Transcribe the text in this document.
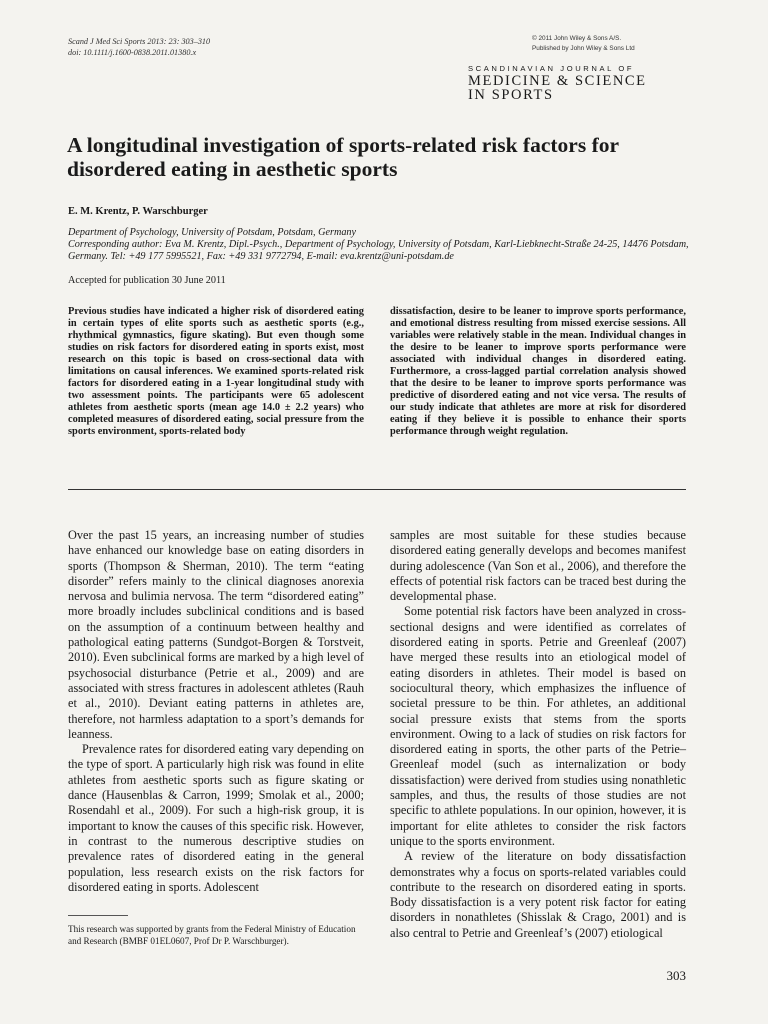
Scand J Med Sci Sports 2013: 23: 303–310
doi: 10.1111/j.1600-0838.2011.01380.x
© 2011 John Wiley & Sons A/S.
Published by John Wiley & Sons Ltd
SCANDINAVIAN JOURNAL OF
MEDICINE & SCIENCE
IN SPORTS
A longitudinal investigation of sports-related risk factors for disordered eating in aesthetic sports
E. M. Krentz, P. Warschburger
Department of Psychology, University of Potsdam, Potsdam, Germany
Corresponding author: Eva M. Krentz, Dipl.-Psych., Department of Psychology, University of Potsdam, Karl-Liebknecht-Straße 24-25, 14476 Potsdam, Germany. Tel: +49 177 5995521, Fax: +49 331 9772794, E-mail: eva.krentz@uni-potsdam.de
Accepted for publication 30 June 2011

Previous studies have indicated a higher risk of disordered eating in certain types of elite sports such as aesthetic sports (e.g., rhythmical gymnastics, figure skating). But even though some studies on risk factors for disordered eating in sports exist, most research on this topic is based on cross-sectional data with limitations on causal inferences. We examined sports-related risk factors for disordered eating in a 1-year longitudinal study with two assessment points. The participants were 65 adolescent athletes from aesthetic sports (mean age 14.0 ± 2.2 years) who completed measures of disordered eating, social pressure from the sports environment, sports-related body

dissatisfaction, desire to be leaner to improve sports performance, and emotional distress resulting from missed exercise sessions. All variables were relatively stable in the mean. Individual changes in the desire to be leaner to improve sports performance were associated with individual changes in disordered eating. Furthermore, a cross-lagged partial correlation analysis showed that the desire to be leaner to improve sports performance was predictive of disordered eating and not vice versa. The results of our study indicate that athletes are more at risk for disordered eating if they believe it is possible to enhance their sports performance through weight regulation.

Over the past 15 years, an increasing number of studies have enhanced our knowledge base on eating disorders in sports (Thompson & Sherman, 2010). The term “eating disorder” refers mainly to the clinical diagnoses anorexia nervosa and bulimia nervosa. The term “disordered eating” more broadly includes subclinical conditions and is based on the assumption of a continuum between healthy and pathological eating patterns (Sundgot-Borgen & Torstveit, 2010). Even subclinical forms are marked by a high level of psychosocial disturbance (Petrie et al., 2009) and are associated with stress fractures in adolescent athletes (Rauh et al., 2010). Deviant eating patterns in athletes are, therefore, not harmless adaptation to a sport’s demands for leanness.

Prevalence rates for disordered eating vary depending on the type of sport. A particularly high risk was found in elite athletes from aesthetic sports such as figure skating or dance (Hausenblas & Carron, 1999; Smolak et al., 2000; Rosendahl et al., 2009). For such a high-risk group, it is important to know the causes of this specific risk. However, in contrast to the numerous descriptive studies on prevalence rates of disordered eating in the general population, less research exists on the risk factors for disordered eating in sports. Adolescent

samples are most suitable for these studies because disordered eating generally develops and becomes manifest during adolescence (Van Son et al., 2006), and therefore the effects of potential risk factors can be traced best during the developmental phase.

Some potential risk factors have been analyzed in cross-sectional designs and were identified as correlates of disordered eating in sports. Petrie and Greenleaf (2007) have merged these results into an etiological model of eating disorders in athletes. Their model is based on sociocultural theory, which emphasizes the influence of societal pressure to be thin. For athletes, an additional social pressure exists that stems from the sports environment. Owing to a lack of studies on risk factors for disordered eating in sports, the other parts of the Petrie–Greenleaf model (such as internalization or body dissatisfaction) were derived from studies using nonathletic samples, and thus, the results of those studies are not specific to athlete populations. In our opinion, however, it is important for elite athletes to consider the risk factors unique to the sports environment.

A review of the literature on body dissatisfaction demonstrates why a focus on sports-related variables could contribute to the research on disordered eating in sports. Body dissatisfaction is a very potent risk factor for eating disorders in nonathletes (Shisslak & Crago, 2001) and is also central to Petrie and Greenleaf’s (2007) etiological

This research was supported by grants from the Federal Ministry of Education and Research (BMBF 01EL0607, Prof Dr P. Warschburger).
303
